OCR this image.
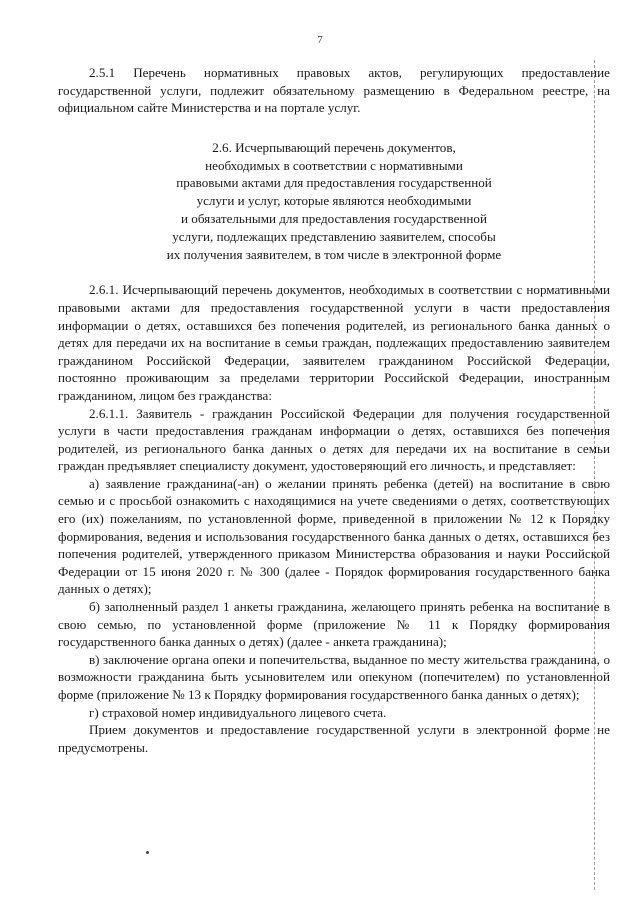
7

2.5.1 Перечень нормативных правовых актов, регулирующих предоставление государственной услуги, подлежит обязательному размещению в Федеральном реестре, на официальном сайте Министерства и на портале услуг.

2.6. Исчерпывающий перечень документов,
необходимых в соответствии с нормативными
правовыми актами для предоставления государственной
услуги и услуг, которые являются необходимыми
и обязательными для предоставления государственной
услуги, подлежащих представлению заявителем, способы
их получения заявителем, в том числе в электронной форме

2.6.1. Исчерпывающий перечень документов, необходимых в соответствии с нормативными правовыми актами для предоставления государственной услуги в части предоставления информации о детях, оставшихся без попечения родителей, из регионального банка данных о детях для передачи их на воспитание в семьи граждан, подлежащих предоставлению заявителем гражданином Российской Федерации, заявителем гражданином Российской Федерации, постоянно проживающим за пределами территории Российской Федерации, иностранным гражданином, лицом без гражданства:

2.6.1.1. Заявитель - гражданин Российской Федерации для получения государственной услуги в части предоставления гражданам информации о детях, оставшихся без попечения родителей, из регионального банка данных о детях для передачи их на воспитание в семьи граждан предъявляет специалисту документ, удостоверяющий его личность, и представляет:

а) заявление гражданина(-ан) о желании принять ребенка (детей) на воспитание в свою семью и с просьбой ознакомить с находящимися на учете сведениями о детях, соответствующих его (их) пожеланиям, по установленной форме, приведенной в приложении № 12 к Порядку формирования, ведения и использования государственного банка данных о детях, оставшихся без попечения родителей, утвержденного приказом Министерства образования и науки Российской Федерации от 15 июня 2020 г. № 300 (далее - Порядок формирования государственного банка данных о детях);

б) заполненный раздел 1 анкеты гражданина, желающего принять ребенка на воспитание в свою семью, по установленной форме (приложение № 11 к Порядку формирования государственного банка данных о детях) (далее - анкета гражданина);

в) заключение органа опеки и попечительства, выданное по месту жительства гражданина, о возможности гражданина быть усыновителем или опекуном (попечителем) по установленной форме (приложение № 13 к Порядку формирования государственного банка данных о детях);

г) страховой номер индивидуального лицевого счета.

Прием документов и предоставление государственной услуги в электронной форме не предусмотрены.
